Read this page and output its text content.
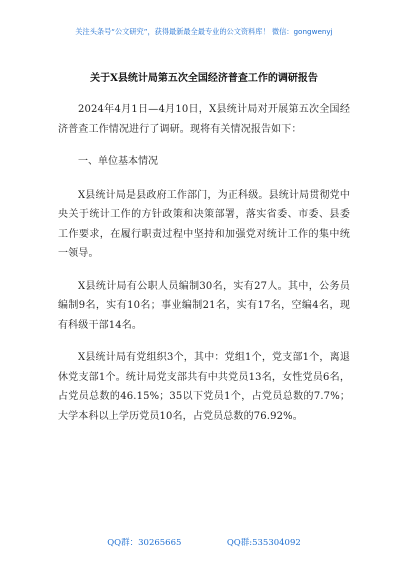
关注头条号“公文研究”，获得最新最全最专业的公文资料库！ 微信：gongwenyj
关于X县统计局第五次全国经济普查工作的调研报告

2024年4月1日—4月10日，X县统计局对开展第五次全国经济普查工作情况进行了调研。现将有关情况报告如下：

一、单位基本情况

X县统计局是县政府工作部门，为正科级。县统计局贯彻党中央关于统计工作的方针政策和决策部署，落实省委、市委、县委工作要求，在履行职责过程中坚持和加强党对统计工作的集中统一领导。

X县统计局有公职人员编制30名，实有27人。其中，公务员编制9名，实有10名；事业编制21名，实有17名，空编4名，现有科级干部14名。

X县统计局有党组织3个，其中：党组1个，党支部1个，离退休党支部1个。统计局党支部共有中共党员13名，女性党员6名，占党员总数的46.15%；35以下党员1个，占党员总数的7.7%；大学本科以上学历党员10名，占党员总数的76.92%。

QQ群：30265665	QQ群:535304092
